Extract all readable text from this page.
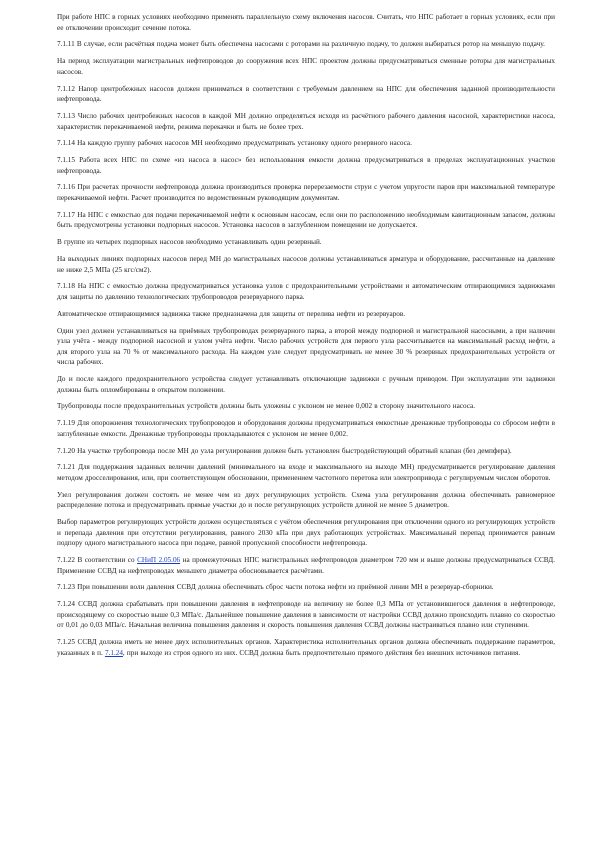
При работе НПС в горных условиях необходимо применять параллельную схему включения насосов. Считать, что НПС работает в горных условиях, если при ее отключении происходит сечение потока.

7.1.11 В случае, если расчётная подача может быть обеспечена насосами с роторами на различную подачу, то должен выбираться ротор на меньшую подачу.

На период эксплуатации магистральных нефтепроводов до сооружения всех НПС проектом должны предусматриваться сменные роторы для магистральных насосов.

7.1.12 Напор центробежных насосов должен приниматься в соответствии с требуемым давлением на НПС для обеспечения заданной производительности нефтепровода.

7.1.13 Число рабочих центробежных насосов в каждой МН должно определяться исходя из расчётного рабочего давления насосной, характеристики насоса, характеристик перекачиваемой нефти, режима перекачки и быть не более трех.

7.1.14 На каждую группу рабочих насосов МН необходимо предусматривать установку одного резервного насоса.

7.1.15 Работа всех НПС по схеме «из насоса в насос» без использования емкости должна предусматриваться в пределах эксплуатационных участков нефтепровода.

7.1.16 При расчетах прочности нефтепровода должна производиться проверка перерезаемости струи с учетом упругости паров при максимальной температуре перекачиваемой нефти. Расчет производится по ведомственным руководящим документам.

7.1.17 На НПС с емкостью для подачи перекачиваемой нефти к основным насосам, если они по расположению необходимым кавитационным запасом, должны быть предусмотрены установки подпорных насосов. Установка насосов в заглубленном помещении не допускается.

В группе из четырех подпорных насосов необходимо устанавливать один резервный.

На выходных линиях подпорных насосов перед МН до магистральных насосов должны устанавливаться арматура и оборудование, рассчитанные на давление не ниже 2,5 МПа (25 кгс/см2).

7.1.18 На НПС с емкостью должна предусматриваться установка узлов с предохранительными устройствами и автоматическим отпирающимися задвижками для защиты по давлению технологических трубопроводов резервуарного парка.

Автоматическое отпирающимися задвижка также предназначена для защиты от перелива нефти из резервуаров.

Один узел должен устанавливаться на приёмных трубопроводах резервуарного парка, а второй между подпорной и магистральной насосными, а при наличии узла учёта - между подпорной насосной и узлом учёта нефти. Число рабочих устройств для первого узла рассчитывается на максимальный расход нефти, а для второго узла на 70 % от максимального расхода. На каждом узле следует предусматривать не менее 30 % резервных предохранительных устройств от числа рабочих.

До и после каждого предохранительного устройства следует устанавливать отключающие задвижки с ручным приводом. При эксплуатации эти задвижки должны быть опломбированы в открытом положении.

Трубопроводы после предохранительных устройств должны быть уложены с уклоном не менее 0,002 в сторону значительного насоса.

7.1.19 Для опорожнения технологических трубопроводов и оборудования должны предусматриваться емкостные дренажные трубопроводы со сбросом нефти в заглубленные емкости. Дренажные трубопроводы прокладываются с уклоном не менее 0,002.

7.1.20 На участке трубопровода после МН до узла регулирования должен быть установлен быстродействующий обратный клапан (без демпфера).

7.1.21 Для поддержания заданных величин давлений (минимального на входе и максимального на выходе МН) предусматривается регулирование давления методом дросселирования, или, при соответствующем обосновании, применением частотного перетока или электропривода с регулируемым числом оборотов.

Узел регулирования должен состоять не менее чем из двух регулирующих устройств. Схема узла регулирования должна обеспечивать равномерное распределение потока и предусматривать прямые участки до и после регулирующих устройств длиной не менее 5 диаметров.

Выбор параметров регулирующих устройств должен осуществляться с учётом обеспечения регулирования при отключении одного из регулирующих устройств и перепада давления при отсутствии регулирования, равного 2030 кПа при двух работающих устройствах. Максимальный перепад принимается равным подпору одного магистрального насоса при подаче, равной пропускной способности нефтепровода.

7.1.22 В соответствии со СНиП 2.05.06 на промежуточных НПС магистральных нефтепроводов диаметром 720 мм и выше должны предусматриваться ССВД. Применение ССВД на нефтепроводах меньшего диаметра обосновывается расчётами.

7.1.23 При повышении волн давления ССВД должна обеспечивать сброс части потока нефти из приёмной линии МН в резервуар-сборники.

7.1.24 ССВД должна срабатывать при повышении давления в нефтепроводе на величину не более 0,3 МПа от установившегося давления в нефтепроводе, происходящему со скоростью выше 0,3 МПа/с. Дальнейшее повышение давления в зависимости от настройки ССВД должно происходить плавно со скоростью от 0,01 до 0,03 МПа/с. Начальная величина повышения давления и скорость повышения давления ССВД должны настраиваться плавно или ступенями.

7.1.25 ССВД должна иметь не менее двух исполнительных органов. Характеристика исполнительных органов должна обеспечивать поддержание параметров, указанных в п. 7.1.24, при выходе из строя одного из них. ССВД должна быть предпочтительно прямого действия без внешних источников питания.
